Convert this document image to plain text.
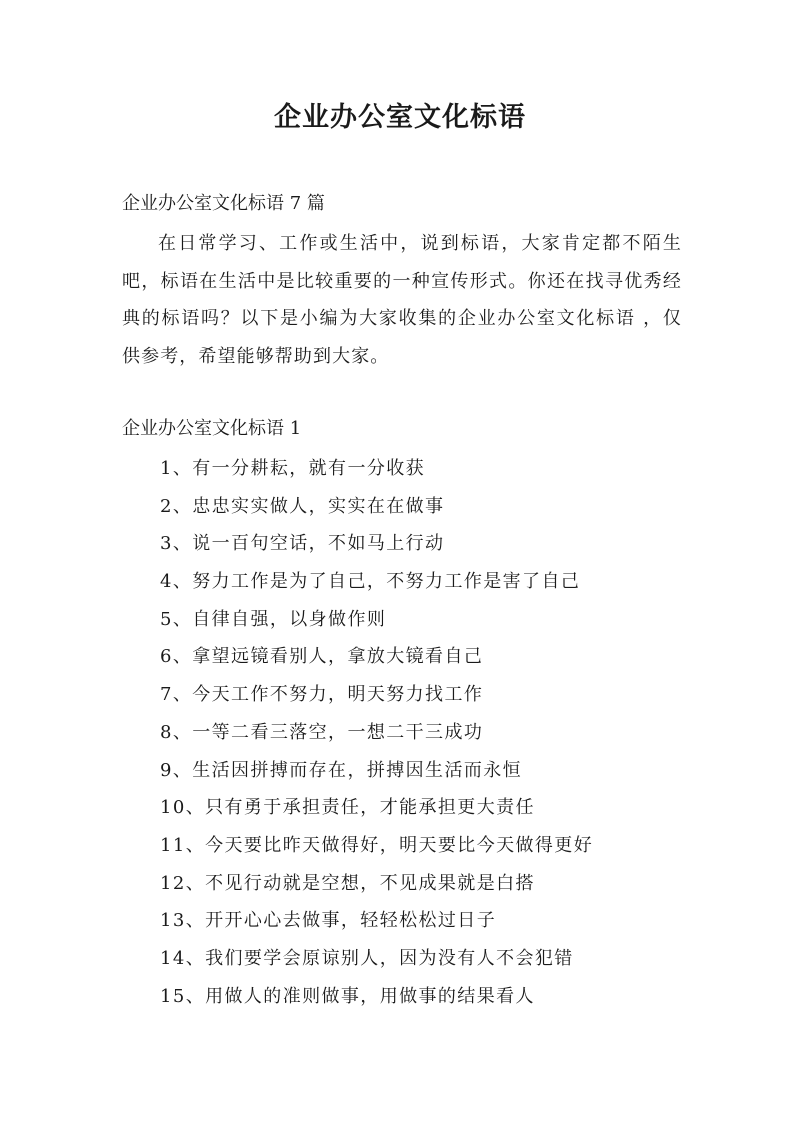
企业办公室文化标语
企业办公室文化标语 7 篇

在日常学习、工作或生活中，说到标语，大家肯定都不陌生吧，标语在生活中是比较重要的一种宣传形式。你还在找寻优秀经典的标语吗？以下是小编为大家收集的企业办公室文化标语 ，仅供参考，希望能够帮助到大家。

企业办公室文化标语 1
1、有一分耕耘，就有一分收获
2、忠忠实实做人，实实在在做事
3、说一百句空话，不如马上行动
4、努力工作是为了自己，不努力工作是害了自己
5、自律自强，以身做作则
6、拿望远镜看别人，拿放大镜看自己
7、今天工作不努力，明天努力找工作
8、一等二看三落空，一想二干三成功
9、生活因拼搏而存在，拼搏因生活而永恒
10、只有勇于承担责任，才能承担更大责任
11、今天要比昨天做得好，明天要比今天做得更好
12、不见行动就是空想，不见成果就是白搭
13、开开心心去做事，轻轻松松过日子
14、我们要学会原谅别人，因为没有人不会犯错
15、用做人的准则做事，用做事的结果看人
